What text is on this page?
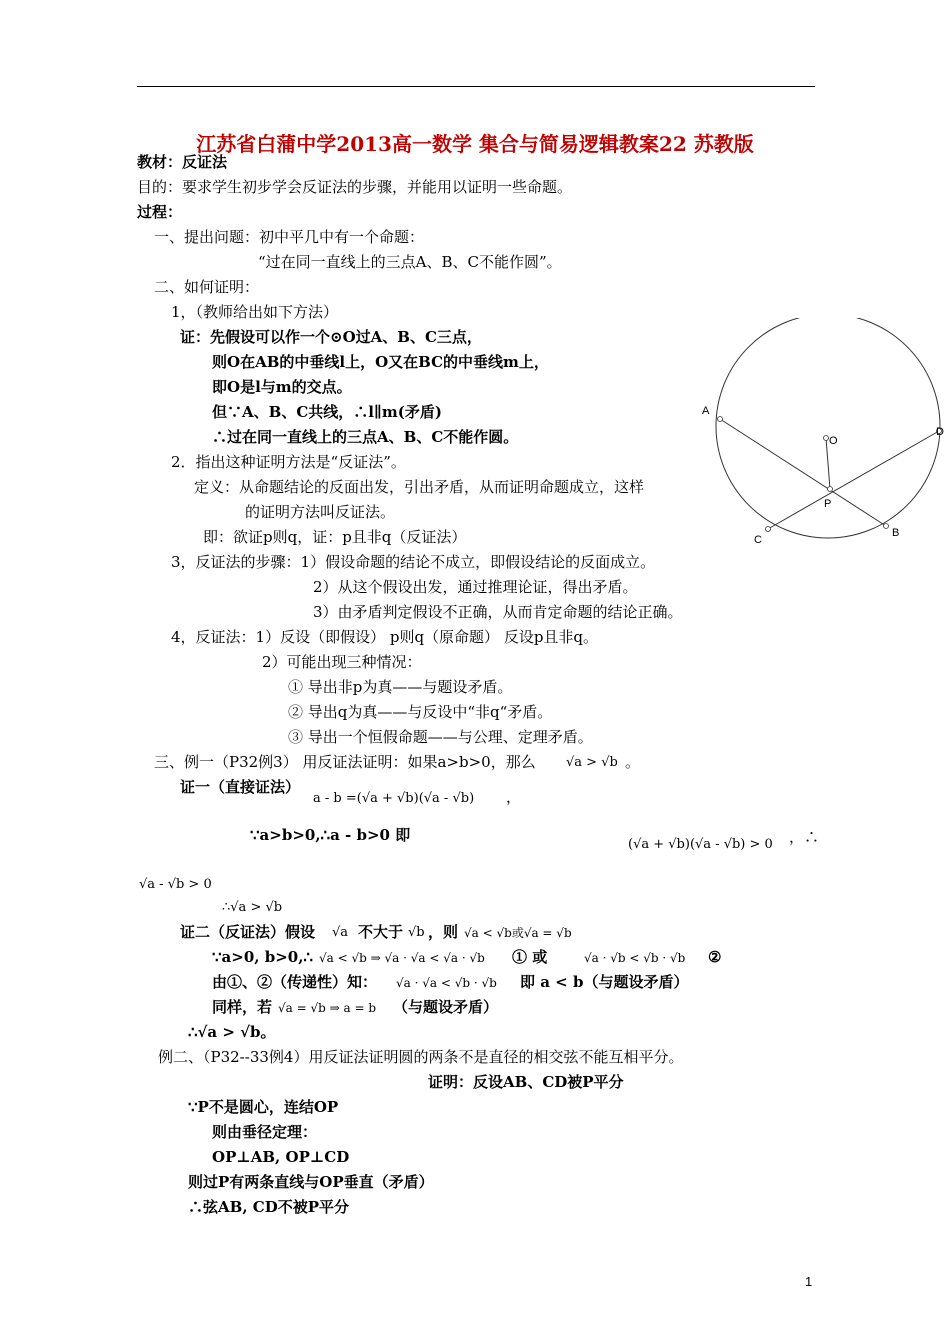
江苏省白蒲中学2013高一数学 集合与简易逻辑教案22 苏教版
教材：反证法
目的：要求学生初步学会反证法的步骤，并能用以证明一些命题。
过程：
一、提出问题：初中平几中有一个命题：
“过在同一直线上的三点A、B、C不能作圆”。
二、如何证明：
1，（教师给出如下方法）
证：先假设可以作一个⊙O过A、B、C三点，
则O在AB的中垂线l上，O又在BC的中垂线m上，
即O是l与m的交点。
但∵A、B、C共线，∴l∥m(矛盾)
∴过在同一直线上的三点A、B、C不能作圆。
2．指出这种证明方法是“反证法”。
定义：从命题结论的反面出发，引出矛盾，从而证明命题成立，这样
的证明方法叫反证法。
即：欲证p则q，证：p且非q（反证法）
3，反证法的步骤：1）假设命题的结论不成立，即假设结论的反面成立。
2）从这个假设出发，通过推理论证，得出矛盾。
3）由矛盾判定假设不正确，从而肯定命题的结论正确。
4，反证法：1）反设（即假设） p则q（原命题） 反设p且非q。
2）可能出现三种情况：
① 导出非p为真——与题设矛盾。
② 导出q为真——与反设中“非q“矛盾。
③ 导出一个恒假命题——与公理、定理矛盾。
三、例一（P32例3） 用反证法证明：如果a>b>0，那么 √a > √b 。
证一（直接证法）
a - b =(√a + √b)(√a - √b) ，
∵a>b>0,∴a - b>0 即
(√a + √b)(√a - √b) > 0 ，∴
√a - √b > 0
∴√a > √b
证二（反证法）假设 √a 不大于 √b ，则 √a < √b或√a = √b
∵a>0, b>0,∴ √a < √b ⇒ √a · √a < √a · √b ① 或	√a · √b < √b · √b ②
由①、②（传递性）知： √a · √a < √b · √b 即 a < b（与题设矛盾）
同样，若 √a = √b ⇒ a = b （与题设矛盾）
∴√a > √b。
例二、（P32--33例4）用反证法证明圆的两条不是直径的相交弦不能互相平分。
证明：反设AB、CD被P平分
∵P不是圆心，连结OP
则由垂径定理：
OP⊥AB, OP⊥CD
则过P有两条直线与OP垂直（矛盾）
∴弦AB, CD不被P平分
A
B
C
D
O
P
1
